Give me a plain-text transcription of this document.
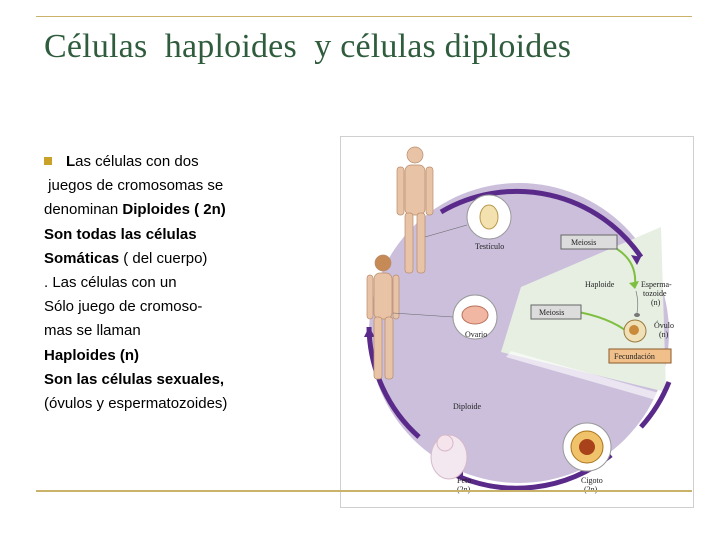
Células  haploides  y células diploides
Las células con dos
juegos de cromosomas se
denominan Diploides ( 2n)
Son todas las células
Somáticas ( del cuerpo)
. Las células con un
Sólo juego de cromoso-
mas se llaman
Haploides (n)
Son las células sexuales,
(óvulos y espermatozoides)
Testículo
Ovario
Meiosis
Meiosis
Haploide	Esperma-
tozoide
(n)
Óvulo
(n)
Fecundación
Diploide
Cigoto
Feto
